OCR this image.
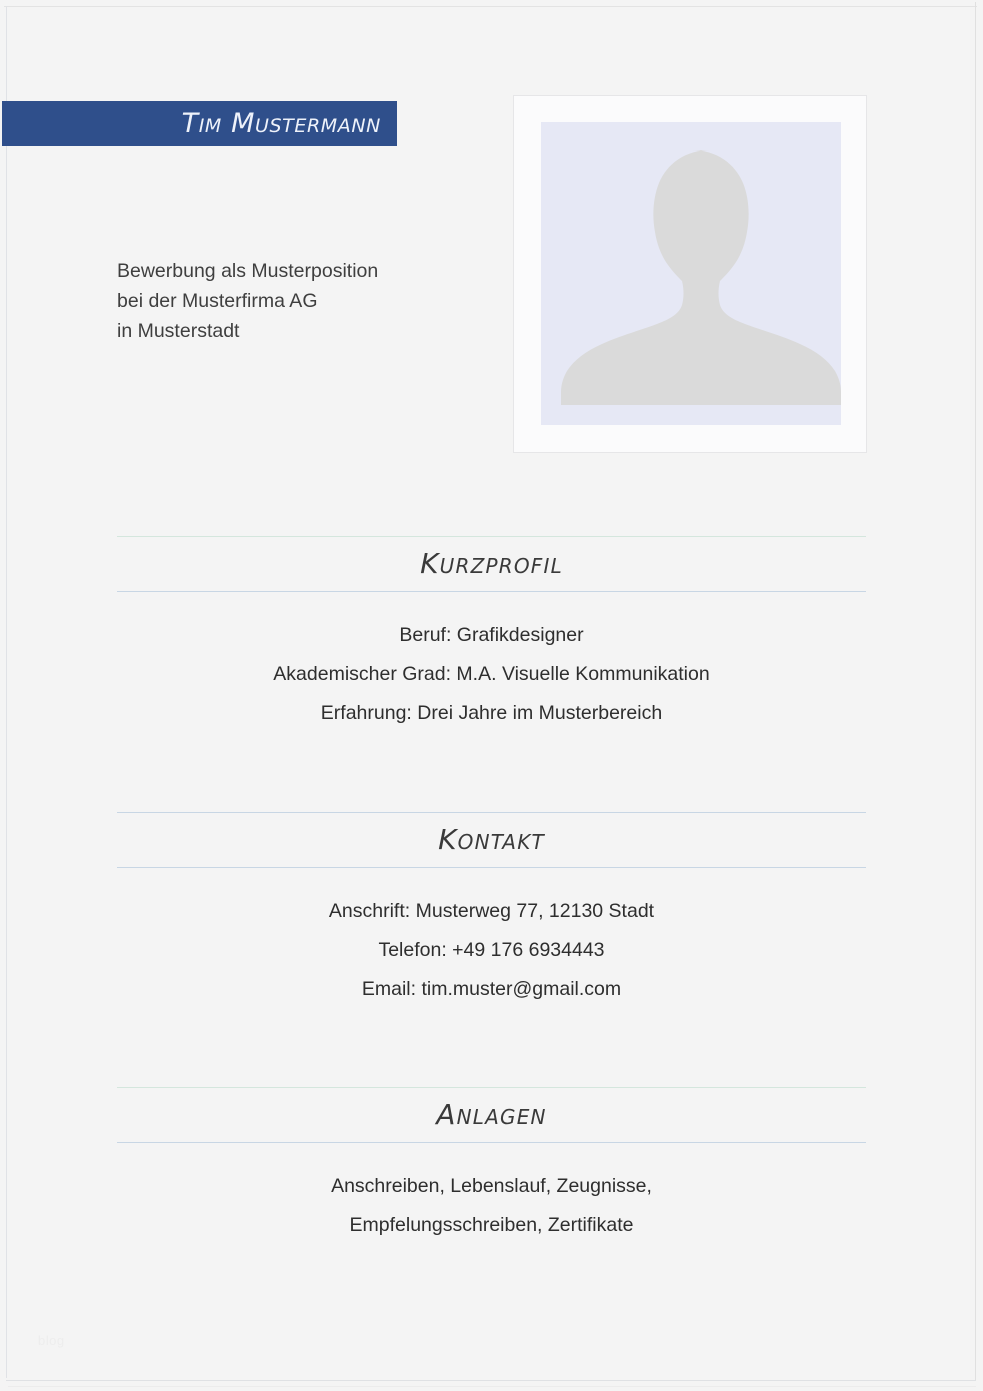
Tim Mustermann
Bewerbung als Musterposition
bei der Musterfirma AG
in Musterstadt
Kurzprofil
Beruf: Grafikdesigner
Akademischer Grad: M.A. Visuelle Kommunikation
Erfahrung: Drei Jahre im Musterbereich
Kontakt
Anschrift: Musterweg 77, 12130 Stadt
Telefon: +49 176 6934443
Email: tim.muster@gmail.com
Anlagen
Anschreiben, Lebenslauf, Zeugnisse,
Empfelungsschreiben, Zertifikate
blog
